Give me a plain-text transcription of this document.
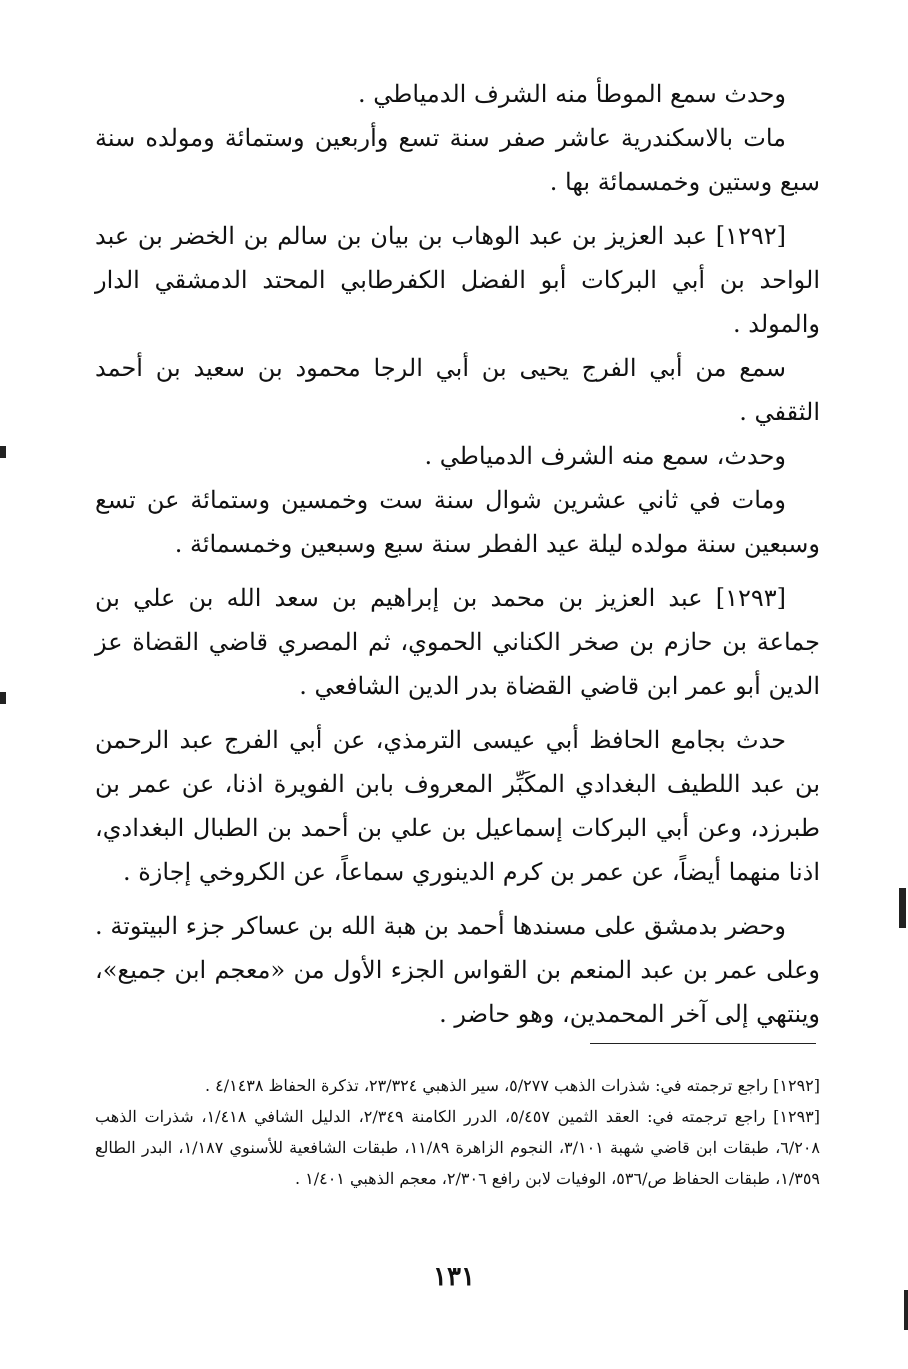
وحدث سمع الموطأ منه الشرف الدمياطي .

مات بالاسكندرية عاشر صفر سنة تسع وأربعين وستمائة ومولده سنة سبع وستين وخمسمائة بها .

[١٢٩٢] عبد العزيز بن عبد الوهاب بن بيان بن سالم بن الخضر بن عبد الواحد بن أبي البركات أبو الفضل الكفرطابي المحتد الدمشقي الدار والمولد .

سمع من أبي الفرج يحيى بن أبي الرجا محمود بن سعيد بن أحمد الثقفي .

وحدث، سمع منه الشرف الدمياطي .

ومات في ثاني عشرين شوال سنة ست وخمسين وستمائة عن تسع وسبعين سنة مولده ليلة عيد الفطر سنة سبع وسبعين وخمسمائة .

[١٢٩٣] عبد العزيز بن محمد بن إبراهيم بن سعد الله بن علي بن جماعة بن حازم بن صخر الكناني الحموي، ثم المصري قاضي القضاة عز الدين أبو عمر ابن قاضي القضاة بدر الدين الشافعي .

حدث بجامع الحافظ أبي عيسى الترمذي، عن أبي الفرج عبد الرحمن بن عبد اللطيف البغدادي المكَبِّر المعروف بابن الفويرة اذنا، عن عمر بن طبرزد، وعن أبي البركات إسماعيل بن علي بن أحمد بن الطبال البغدادي، اذنا منهما أيضاً، عن عمر بن كرم الدينوري سماعاً، عن الكروخي إجازة .

وحضر بدمشق على مسندها أحمد بن هبة الله بن عساكر جزء البيتوتة . وعلى عمر بن عبد المنعم بن القواس الجزء الأول من «معجم ابن جميع»، وينتهي إلى آخر المحمدين، وهو حاضر .

[١٢٩٢] راجع ترجمته في: شذرات الذهب ٥/٢٧٧، سير الذهبي ٢٣/٣٢٤، تذكرة الحفاظ ٤/١٤٣٨ .

[١٢٩٣] راجع ترجمته في: العقد الثمين ٥/٤٥٧، الدرر الكامنة ٢/٣٤٩، الدليل الشافي ١/٤١٨، شذرات الذهب ٦/٢٠٨، طبقات ابن قاضي شهبة ٣/١٠١، النجوم الزاهرة ١١/٨٩، طبقات الشافعية للأسنوي ١/١٨٧، البدر الطالع ١/٣٥٩، طبقات الحفاظ ص/٥٣٦، الوفيات لابن رافع ٢/٣٠٦، معجم الذهبي ١/٤٠١ .

١٣١
